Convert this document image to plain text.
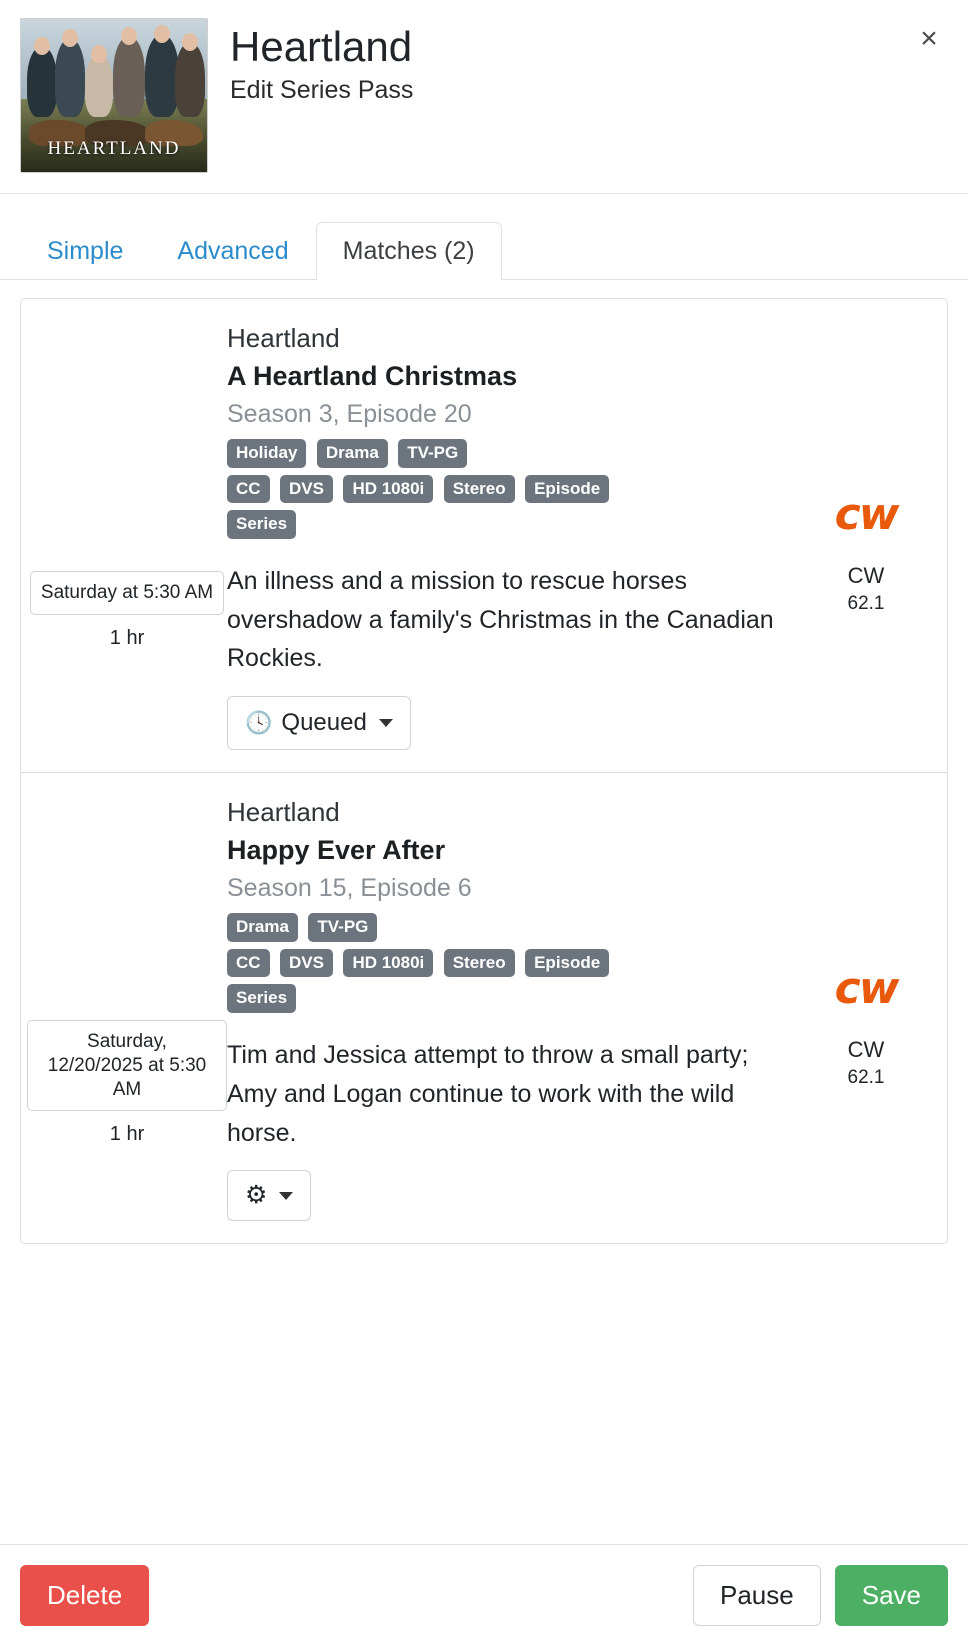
HEARTLAND
Heartland
Edit Series Pass
×
Simple	Advanced	Matches (2)
Saturday at 5:30 AM
1 hr
Heartland
A Heartland Christmas
Season 3, Episode 20
Holiday Drama TV-PG
CC DVS HD 1080i Stereo Episode
Series
An illness and a mission to rescue horses overshadow a family's Christmas in the Canadian Rockies.
🕓 Queued
cw
CW
62.1
Saturday, 12/20/2025 at 5:30 AM
1 hr
Heartland
Happy Ever After
Season 15, Episode 6
Drama TV-PG
CC DVS HD 1080i Stereo Episode
Series
Tim and Jessica attempt to throw a small party; Amy and Logan continue to work with the wild horse.
⚙
cw
CW
62.1
Delete	Pause	Save
